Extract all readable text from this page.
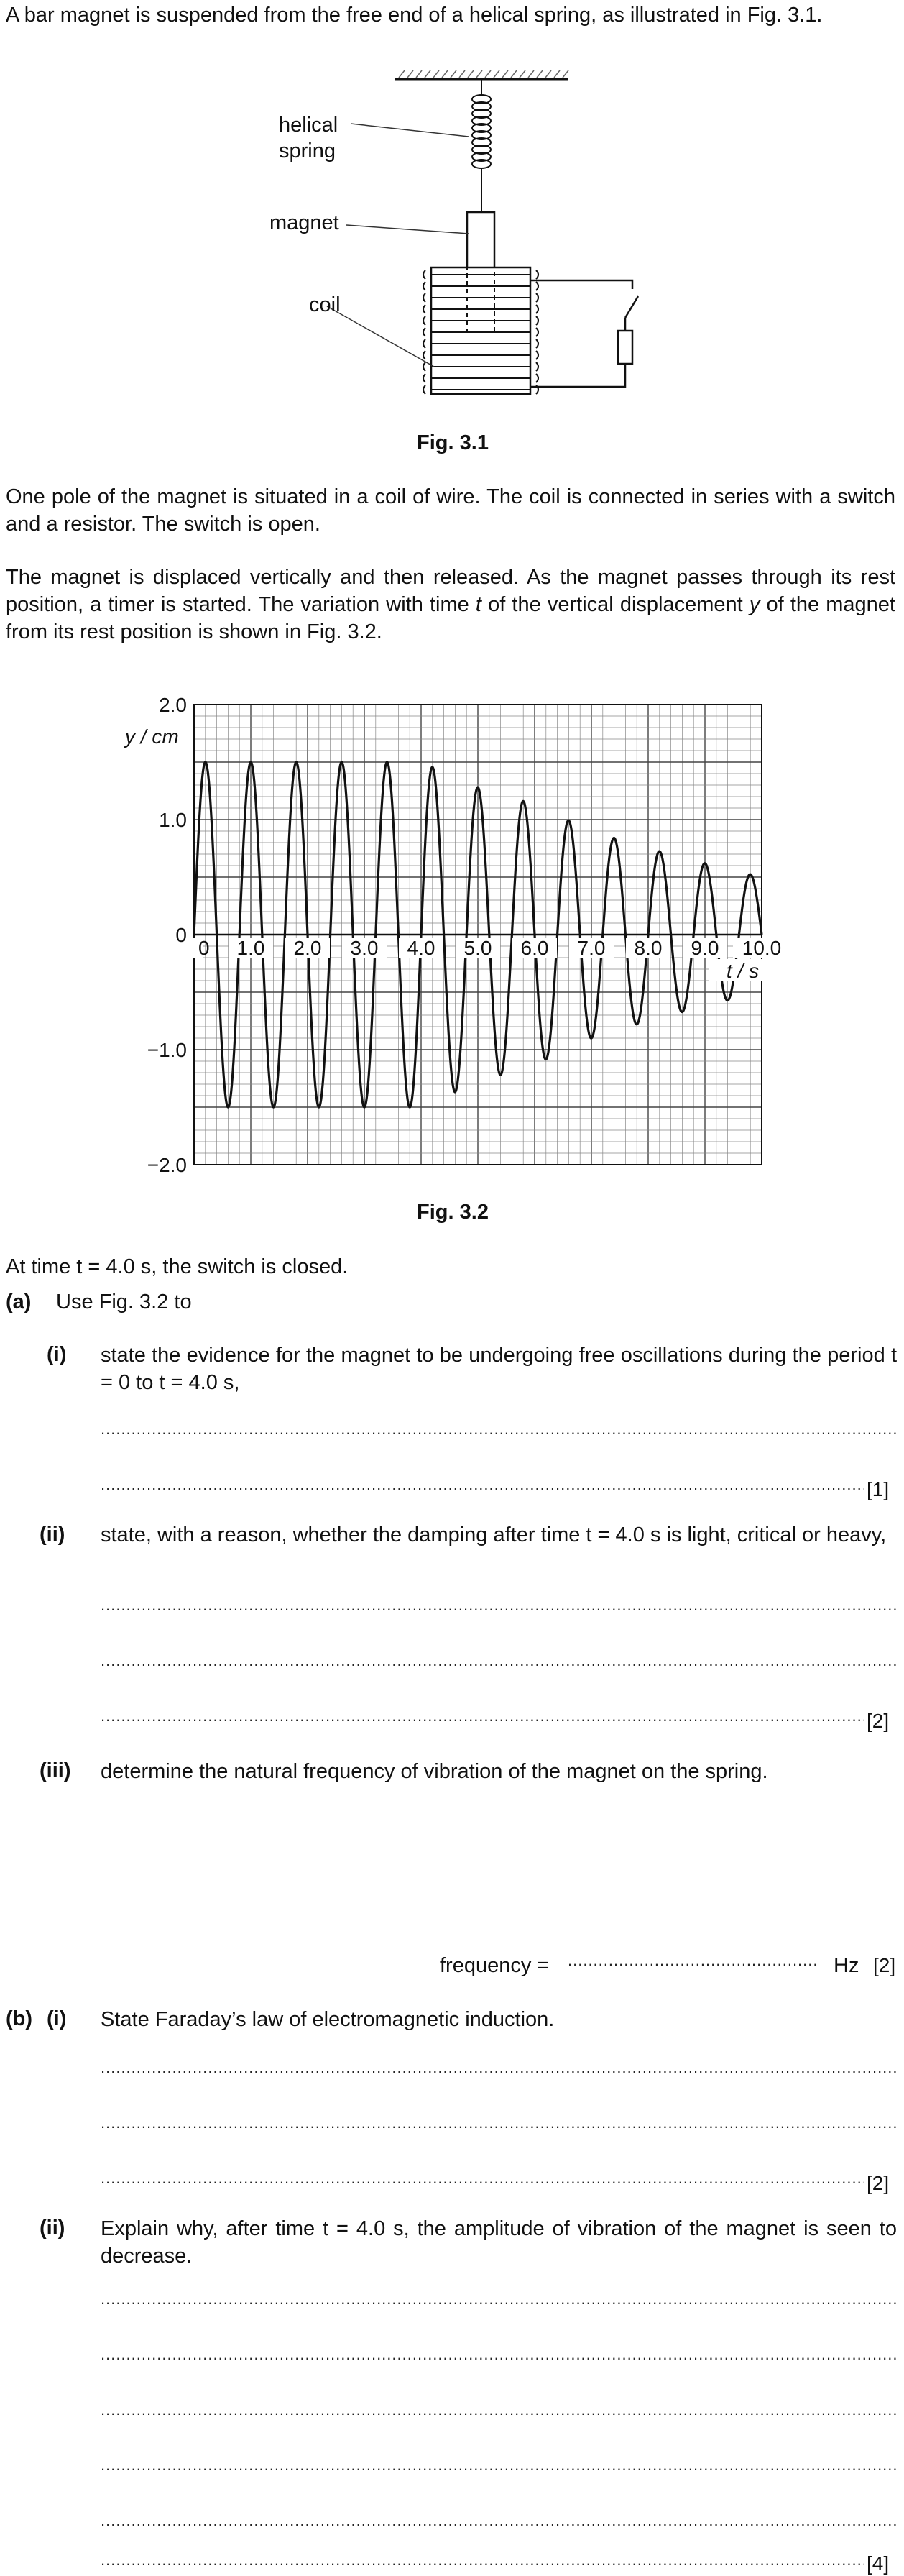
A bar magnet is suspended from the free end of a helical spring, as illustrated in Fig. 3.1.
helical
spring
magnet
coil
Fig. 3.1
One pole of the magnet is situated in a coil of wire. The coil is connected in series with a switch and a resistor. The switch is open.
The magnet is displaced vertically and then released. As the magnet passes through its rest position, a timer is started. The variation with time t of the vertical displacement y of the magnet from its rest position is shown in Fig. 3.2.
0 1.0 2.0 3.0 4.0 5.0 6.0 7.0 8.0 9.0 10.0
2.0
1.0
0
−1.0
−2.0
y / cm
t / s
Fig. 3.2
At time t = 4.0 s, the switch is closed.
(a) Use Fig. 3.2 to
(i) state the evidence for the magnet to be undergoing free oscillations during the period t = 0 to t = 4.0 s,
.....
.....
[1]
(ii) state, with a reason, whether the damping after time t = 4.0 s is light, critical or heavy,
.....
.....
.....
[2]
(iii) determine the natural frequency of vibration of the magnet on the spring.
frequency =
.....	Hz [2]
(b) (i) State Faraday’s law of electromagnetic induction.
.....
.....
.....
[2]
(ii) Explain why, after time t = 4.0 s, the amplitude of vibration of the magnet is seen to decrease.
.....
.....
.....
.....
.....
.....
[4]
